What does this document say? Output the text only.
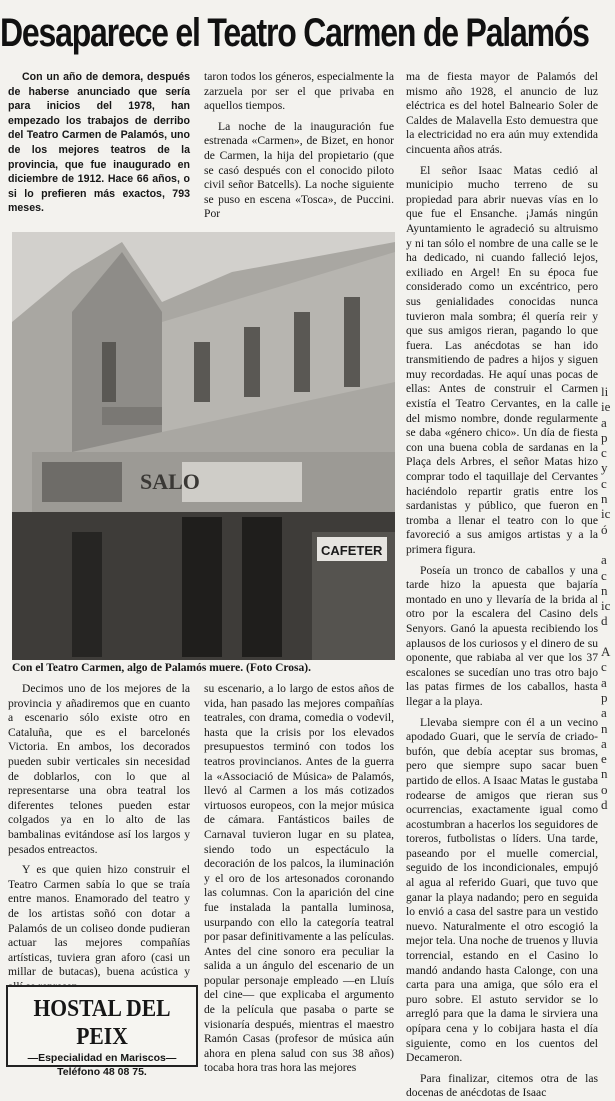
Desaparece el Teatro Carmen de Palamós

Con un año de demora, después de haberse anunciado que sería para inicios del 1978, han empezado los trabajos de derribo del Teatro Carmen de Palamós, uno de los mejores teatros de la provincia, que fue inaugurado en diciembre de 1912. Hace 66 años, o si lo prefieren más exactos, 793 meses.

taron todos los géneros, especialmente la zarzuela por ser el que privaba en aquellos tiempos.

La noche de la inauguración fue estrenada «Carmen», de Bizet, en honor de Carmen, la hija del propietario (que se casó después con el conocido piloto civil señor Batcells). La noche siguiente se puso en escena «Tosca», de Puccini. Por

SALO
CAFETER
Con el Teatro Carmen, algo de Palamós muere. (Foto Crosa).

Decimos uno de los mejores de la provincia y añadiremos que en cuanto a escenario sólo existe otro en Cataluña, que es el barcelonés Victoria. En ambos, los decorados pueden subir verticales sin necesidad de doblarlos, con lo que al representarse una obra teatral los diferentes telones pueden estar colgados ya en lo alto de las bambalinas evitándose así los largos y pesados entreactos.

Y es que quien hizo construir el Teatro Carmen sabía lo que se traía entre manos. Enamorado del teatro y de los artistas soñó con dotar a Palamós de un coliseo donde pudieran actuar las mejores compañías artísticas, tuviera gran aforo (casi un millar de butacas), buena acústica y

HOSTAL DEL PEIX
—Especialidad en Mariscos—
Teléfono 48 08 75.

su escenario, a lo largo de estos años de vida, han pasado las mejores compañías teatrales, con drama, comedia o vodevil, hasta que la crisis por los elevados presupuestos terminó con todos los teatros provincianos. Antes de la guerra la «Associació de Música» de Palamós, llevó al Carmen a los más cotizados virtuosos europeos, con la mejor música de cámara. Fantásticos bailes de Carnaval tuvieron lugar en su platea, siendo todo un espectáculo la decoración de los palcos, la iluminación y el oro de los artesonados coronando las columnas. Con la aparición del cine fue instalada la pantalla luminosa, usurpando con ello la categoría teatral por pasar definitivamente a las películas. Antes del cine sonoro era peculiar la salida a un ángulo del escenario de un popular personaje empleado —en Lluís del cine— que explicaba el argumento de la película que pasaba o parte se visionaría después, mientras el maestro Ramón Casas (profesor de música aún ahora en plena salud con sus 38 años) tocaba hora tras hora las mejores

ma de fiesta mayor de Palamós del mismo año 1928, el anuncio de luz eléctrica es del hotel Balneario Soler de Caldes de Malavella Esto demuestra que la electricidad no era aún muy extendida cincuenta años atrás.

El señor Isaac Matas cedió al municipio mucho terreno de su propiedad para abrir nuevas vías en lo que fue el Ensanche. ¡Jamás ningún Ayuntamiento le agradeció su altruismo y ni tan sólo el nombre de una calle se le ha dedicado, ni cuando falleció lejos, exiliado en Argel! En su época fue considerado como un excéntrico, pero sus genialidades conocidas nunca tuvieron mala sombra; él quería reir y que sus amigos rieran, pagando lo que fuera. Las anécdotas se han ido transmitiendo de padres a hijos y siguen muy recordadas. He aquí unas pocas de ellas: Antes de construir el Carmen existía el Teatro Cervantes, en la calle del mismo nombre, donde regularmente se daba «género chico». Un día de fiesta con una buena cobla de sardanas en la Plaça dels Arbres, el señor Matas hizo comprar todo el taquillaje del Cervantes haciéndolo repartir gratis entre los sardanistas y público, que fueron en tromba a llenar el teatro con lo que favoreció a sus amigos artistas y a la primera figura.

Poseía un tronco de caballos y una tarde hizo la apuesta que bajaría montado en uno y llevaría de la brida al otro por la escalera del Casino dels Senyors. Ganó la apuesta recibiendo los aplausos de los curiosos y el dinero de su oponente, que rabiaba al ver que los 37 escalones se sucedían uno tras otro bajo las patas firmes de los caballos, hasta llegar a la playa.

Llevaba siempre con él a un vecino apodado Guari, que le servía de criado-bufón, que debía aceptar sus bromas, pero que siempre supo sacar buen partido de ellos. A Isaac Matas le gustaba rodearse de amigos que rieran sus ocurrencias, exactamente igual como acostumbran a hacerlos los seguidores de toreros, futbolistas o líders. Una tarde, paseando por el muelle comercial, seguido de los incondicionales, empujó al agua al referido Guari, que tuvo que ganar la playa nadando; pero en seguida lo envió a casa del sastre para un vestido nuevo. Naturalmente el otro escogió la mejor tela. Una noche de truenos y lluvia torrencial, estando en el Casino lo mandó andando hasta Calonge, con una carta para una amiga, que sólo era el puro sobre. El astuto servidor se lo arregló para que la dama le sirviera una opípara cena y lo cobijara hasta el día siguiente, como en los cuentos del Decameron.

Para finalizar, citemos otra de las docenas de anécdotas de Isaac

li
ie
a
p
c
y
c
n
ic
ó

a
c
n
ic
d

A
c
a
p
a
n
a
e
n
o
d
